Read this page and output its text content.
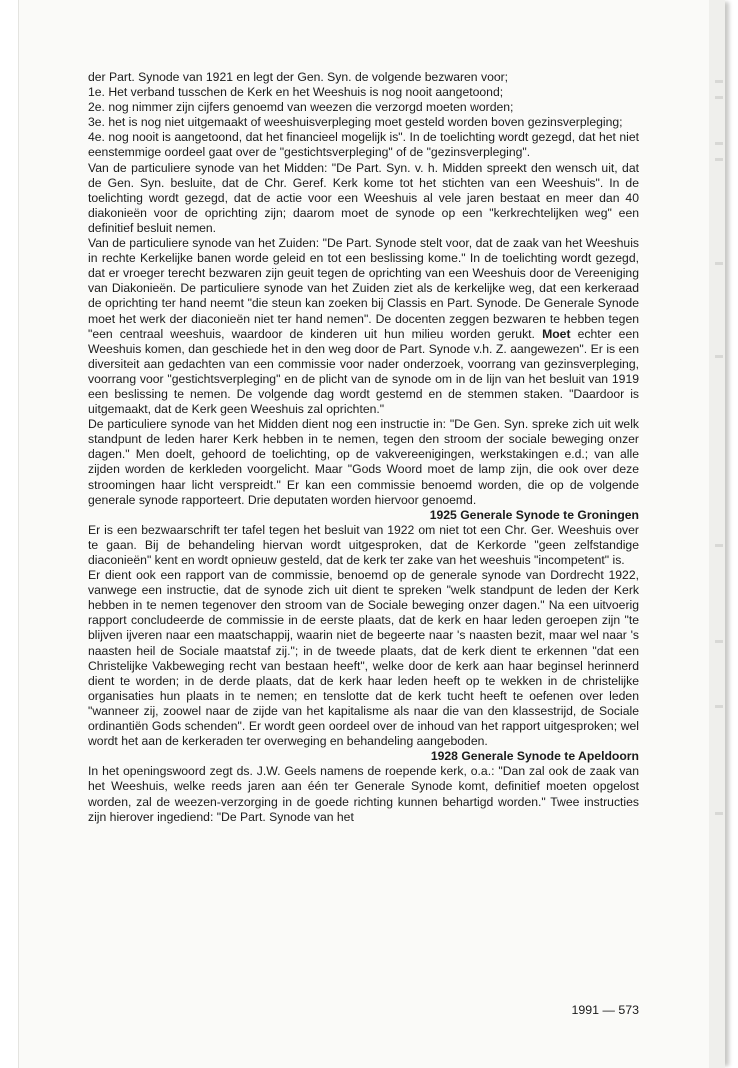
der Part. Synode van 1921 en legt der Gen. Syn. de volgende bezwaren voor;

1e. Het verband tusschen de Kerk en het Weeshuis is nog nooit aangetoond;

2e. nog nimmer zijn cijfers genoemd van weezen die verzorgd moeten worden;

3e. het is nog niet uitgemaakt of weeshuisverpleging moet gesteld worden boven gezinsverpleging;

4e. nog nooit is aangetoond, dat het financieel mogelijk is". In de toelichting wordt gezegd, dat het niet eenstemmige oordeel gaat over de "gestichtsverpleging" of de "gezinsverpleging".

Van de particuliere synode van het Midden: "De Part. Syn. v. h. Midden spreekt den wensch uit, dat de Gen. Syn. besluite, dat de Chr. Geref. Kerk kome tot het stichten van een Weeshuis". In de toelichting wordt gezegd, dat de actie voor een Weeshuis al vele jaren bestaat en meer dan 40 diakonieën voor de oprichting zijn; daarom moet de synode op een "kerkrechtelijken weg" een definitief besluit nemen.

Van de particuliere synode van het Zuiden: "De Part. Synode stelt voor, dat de zaak van het Weeshuis in rechte Kerkelijke banen worde geleid en tot een beslissing kome." In de toelichting wordt gezegd, dat er vroeger terecht bezwaren zijn geuit tegen de oprichting van een Weeshuis door de Vereeniging van Diakonieën. De particuliere synode van het Zuiden ziet als de kerkelijke weg, dat een kerkeraad de oprichting ter hand neemt "die steun kan zoeken bij Classis en Part. Synode. De Generale Synode moet het werk der diaconieën niet ter hand nemen". De docenten zeggen bezwaren te hebben tegen "een centraal weeshuis, waardoor de kinderen uit hun milieu worden gerukt. Moet echter een Weeshuis komen, dan geschiede het in den weg door de Part. Synode v.h. Z. aangewezen". Er is een diversiteit aan gedachten van een commissie voor nader onderzoek, voorrang van gezinsverpleging, voorrang voor "gestichtsverpleging" en de plicht van de synode om in de lijn van het besluit van 1919 een beslissing te nemen. De volgende dag wordt gestemd en de stemmen staken. "Daardoor is uitgemaakt, dat de Kerk geen Weeshuis zal oprichten."

De particuliere synode van het Midden dient nog een instructie in: "De Gen. Syn. spreke zich uit welk standpunt de leden harer Kerk hebben in te nemen, tegen den stroom der sociale beweging onzer dagen." Men doelt, gehoord de toelichting, op de vakvereenigingen, werkstakingen e.d.; van alle zijden worden de kerkleden voorgelicht. Maar "Gods Woord moet de lamp zijn, die ook over deze stroomingen haar licht verspreidt." Er kan een commissie benoemd worden, die op de volgende generale synode rapporteert. Drie deputaten worden hiervoor genoemd.

1925 Generale Synode te Groningen

Er is een bezwaarschrift ter tafel tegen het besluit van 1922 om niet tot een Chr. Ger. Weeshuis over te gaan. Bij de behandeling hiervan wordt uitgesproken, dat de Kerkorde "geen zelfstandige diaconieën" kent en wordt opnieuw gesteld, dat de kerk ter zake van het weeshuis "incompetent" is.

Er dient ook een rapport van de commissie, benoemd op de generale synode van Dordrecht 1922, vanwege een instructie, dat de synode zich uit dient te spreken "welk standpunt de leden der Kerk hebben in te nemen tegenover den stroom van de Sociale beweging onzer dagen." Na een uitvoerig rapport concludeerde de commissie in de eerste plaats, dat de kerk en haar leden geroepen zijn "te blijven ijveren naar een maatschappij, waarin niet de begeerte naar 's naasten bezit, maar wel naar 's naasten heil de Sociale maatstaf zij."; in de tweede plaats, dat de kerk dient te erkennen "dat een Christelijke Vakbeweging recht van bestaan heeft", welke door de kerk aan haar beginsel herinnerd dient te worden; in de derde plaats, dat de kerk haar leden heeft op te wekken in de christelijke organisaties hun plaats in te nemen; en tenslotte dat de kerk tucht heeft te oefenen over leden "wanneer zij, zoowel naar de zijde van het kapitalisme als naar die van den klassestrijd, de Sociale ordinantiën Gods schenden". Er wordt geen oordeel over de inhoud van het rapport uitgesproken; wel wordt het aan de kerkeraden ter overweging en behandeling aangeboden.

1928 Generale Synode te Apeldoorn

In het openingswoord zegt ds. J.W. Geels namens de roepende kerk, o.a.: "Dan zal ook de zaak van het Weeshuis, welke reeds jaren aan één ter Generale Synode komt, definitief moeten opgelost worden, zal de weezen-verzorging in de goede richting kunnen behartigd worden." Twee instructies zijn hierover ingediend: "De Part. Synode van het

1991 — 573
